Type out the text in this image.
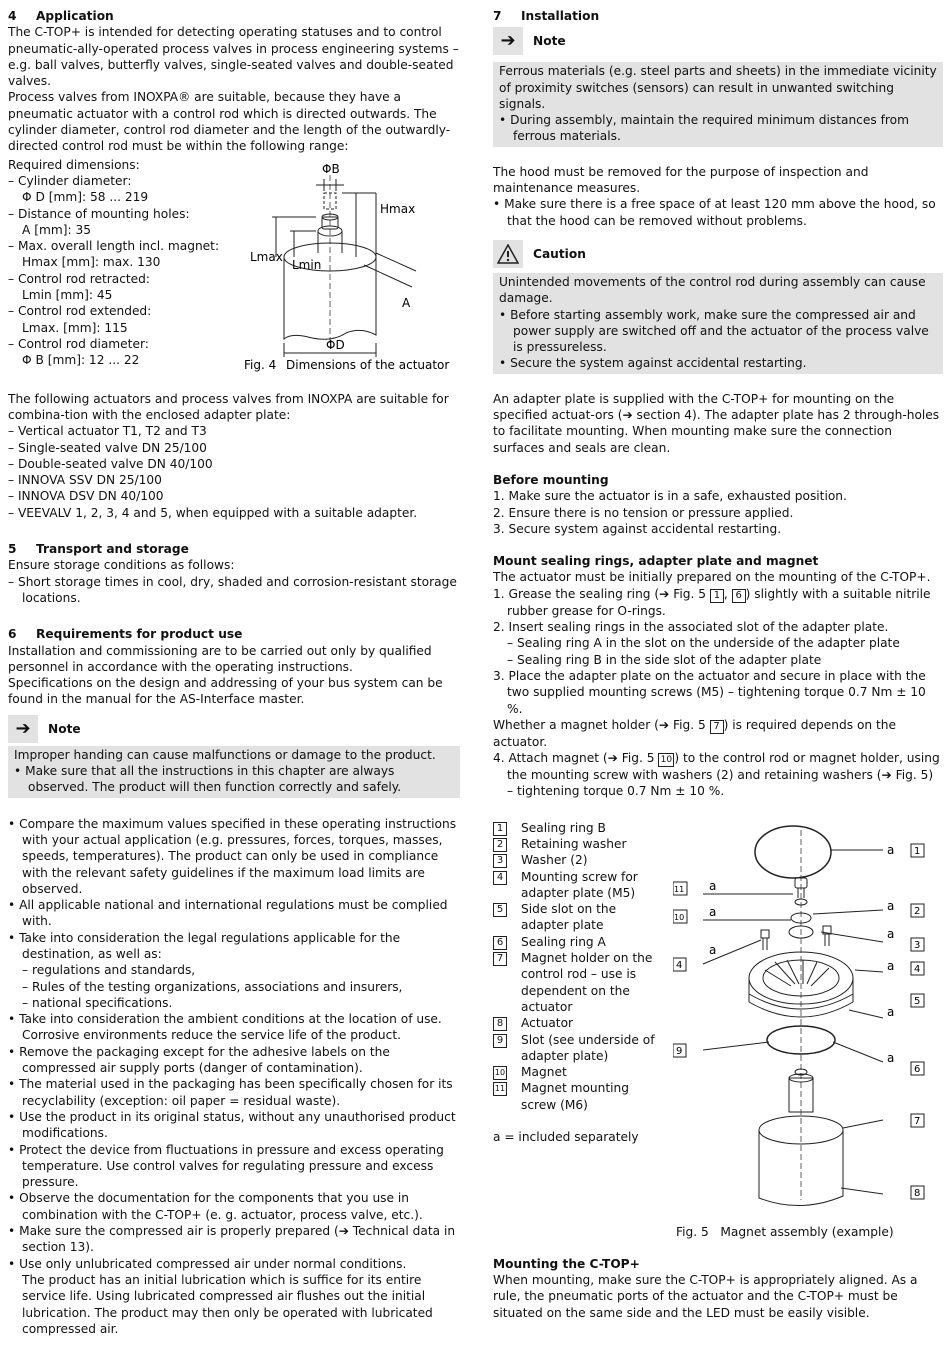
4 Application

The C-TOP+ is intended for detecting operating statuses and to control pneumatic-ally-operated process valves in process engineering systems – e.g. ball valves, butterfly valves, single-seated valves and double-seated valves.

Process valves from INOXPA® are suitable, because they have a pneumatic actuator with a control rod which is directed outwards. The cylinder diameter, control rod diameter and the length of the outwardly-directed control rod must be within the following range:

Required dimensions:

– Cylinder diameter:

Φ D [mm]: 58 ... 219

– Distance of mounting holes:

A [mm]: 35

– Max. overall length incl. magnet:

Hmax [mm]: max. 130

– Control rod retracted:

Lmin [mm]: 45

– Control rod extended:

Lmax. [mm]: 115

– Control rod diameter:

Φ B [mm]: 12 ... 22

ΦB
Hmax
Lmax
Lmin
A
ΦD
Fig. 4 Dimensions of the actuator

The following actuators and process valves from INOXPA are suitable for combina-tion with the enclosed adapter plate:

– Vertical actuator T1, T2 and T3

– Single-seated valve DN 25/100

– Double-seated valve DN 40/100

– INNOVA SSV DN 25/100

– INNOVA DSV DN 40/100

– VEEVALV 1, 2, 3, 4 and 5, when equipped with a suitable adapter.

5 Transport and storage

Ensure storage conditions as follows:

– Short storage times in cool, dry, shaded and corrosion-resistant storage locations.

6 Requirements for product use

Installation and commissioning are to be carried out only by qualified personnel in accordance with the operating instructions.

Specifications on the design and addressing of your bus system can be found in the manual for the AS-Interface master.

➔	Note

Improper handing can cause malfunctions or damage to the product.

• Make sure that all the instructions in this chapter are always observed. The product will then function correctly and safely.

• Compare the maximum values specified in these operating instructions with your actual application (e.g. pressures, forces, torques, masses, speeds, temperatures). The product can only be used in compliance with the relevant safety guidelines if the maximum load limits are observed.

• All applicable national and international regulations must be complied with.

• Take into consideration the legal regulations applicable for the destination, as well as:

– regulations and standards,

– Rules of the testing organizations, associations and insurers,

– national specifications.

• Take into consideration the ambient conditions at the location of use. Corrosive environments reduce the service life of the product.

• Remove the packaging except for the adhesive labels on the compressed air supply ports (danger of contamination).

• The material used in the packaging has been specifically chosen for its recyclability (exception: oil paper = residual waste).

• Use the product in its original status, without any unauthorised product modifications.

• Protect the device from fluctuations in pressure and excess operating temperature. Use control valves for regulating pressure and excess pressure.

• Observe the documentation for the components that you use in combination with the C-TOP+ (e. g. actuator, process valve, etc.).

• Make sure the compressed air is properly prepared (➔ Technical data in section 13).

• Use only unlubricated compressed air under normal conditions.

The product has an initial lubrication which is suffice for its entire service life. Using lubricated compressed air flushes out the initial lubrication. The product may then only be operated with lubricated compressed air.

7 Installation

➔	Note

Ferrous materials (e.g. steel parts and sheets) in the immediate vicinity of proximity switches (sensors) can result in unwanted switching signals.

• During assembly, maintain the required minimum distances from ferrous materials.

The hood must be removed for the purpose of inspection and maintenance measures.

• Make sure there is a free space of at least 120 mm above the hood, so that the hood can be removed without problems.

Caution

Unintended movements of the control rod during assembly can cause damage.

• Before starting assembly work, make sure the compressed air and power supply are switched off and the actuator of the process valve is pressureless.

• Secure the system against accidental restarting.

An adapter plate is supplied with the C-TOP+ for mounting on the specified actuat-ors (➔ section 4). The adapter plate has 2 through-holes to facilitate mounting. When mounting make sure the connection surfaces and seals are clean.

Before mounting

1. Make sure the actuator is in a safe, exhausted position.

2. Ensure there is no tension or pressure applied.

3. Secure system against accidental restarting.

Mount sealing rings, adapter plate and magnet

The actuator must be initially prepared on the mounting of the C-TOP+.

1. Grease the sealing ring (➔ Fig. 5 1 , 6 ) slightly with a suitable nitrile rubber grease for O-rings.

2. Insert sealing rings in the associated slot of the adapter plate.

– Sealing ring A in the slot on the underside of the adapter plate

– Sealing ring B in the side slot of the adapter plate

3. Place the adapter plate on the actuator and secure in place with the two supplied mounting screws (M5) – tightening torque 0.7 Nm ± 10 %.

Whether a magnet holder (➔ Fig. 5 7 ) is required depends on the actuator.

4. Attach magnet (➔ Fig. 5 10 ) to the control rod or magnet holder, using the mounting screw with washers (2) and retaining washers (➔ Fig. 5) – tightening torque 0.7 Nm ± 10 %.

1	Sealing ring B
2	Retaining washer
3	Washer (2)
4	Mounting screw for adapter plate (M5)
5	Side slot on the adapter plate
6	Sealing ring A
7	Magnet holder on the control rod – use is dependent on the actuator
8	Actuator
9	Slot (see underside of adapter plate)
10 Magnet
11 Magnet mounting screw (M6)

a = included separately

a
a
a
a
a
a
a
a
a
11
10
4
9
1
2
3
4
5
6
7
8

Fig. 5 Magnet assembly (example)

Mounting the C-TOP+

When mounting, make sure the C-TOP+ is appropriately aligned. As a rule, the pneumatic ports of the actuator and the C-TOP+ must be situated on the same side and the LED must be easily visible.
